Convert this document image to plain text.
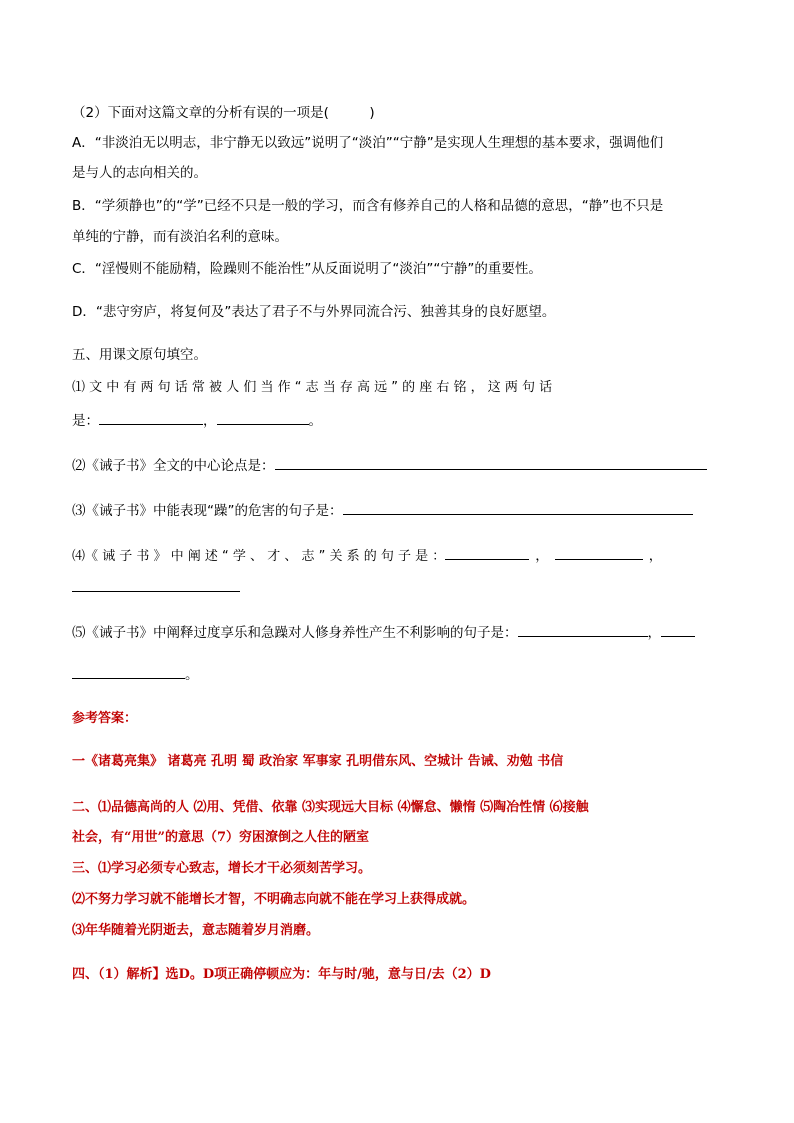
（2）下面对这篇文章的分析有误的一项是(　　　)
A．“非淡泊无以明志，非宁静无以致远”说明了“淡泊”“宁静”是实现人生理想的基本要求，强调他们
是与人的志向相关的。
B．“学须静也”的“学”已经不只是一般的学习，而含有修养自己的人格和品德的意思，“静”也不只是
单纯的宁静，而有淡泊名利的意味。
C．“淫慢则不能励精，险躁则不能治性”从反面说明了“淡泊”“宁静”的重要性。
D．“悲守穷庐，将复何及”表达了君子不与外界同流合污、独善其身的良好愿望。
五、用课文原句填空。
⑴ 文 中 有 两 句 话 常 被 人 们 当 作 “ 志 当 存 高 远 ” 的 座 右 铭 ， 这 两 句 话
是：	，	。
⑵《诫子书》全文的中心论点是：
⑶《诫子书》中能表现“躁”的危害的句子是：
⑷《 诫 子 书 》 中 阐 述 “ 学 、 才 、 志 ” 关 系 的 句 子 是 ：	，	，
⑸《诫子书》中阐释过度享乐和急躁对人修身养性产生不利影响的句子是：	，
。
参考答案：
一《诸葛亮集》 诸葛亮 孔明 蜀 政治家 军事家 孔明借东风、空城计 告诫、劝勉 书信
二、⑴品德高尚的人 ⑵用、凭借、依靠 ⑶实现远大目标 ⑷懈怠、懒惰 ⑸陶冶性情 ⑹接触
社会，有“用世”的意思（7）穷困潦倒之人住的陋室
三、⑴学习必须专心致志，增长才干必须刻苦学习。
⑵不努力学习就不能增长才智，不明确志向就不能在学习上获得成就。
⑶年华随着光阴逝去，意志随着岁月消磨。
四、（1）解析】选D。D项正确停顿应为：年与时/驰，意与日/去（2）D
